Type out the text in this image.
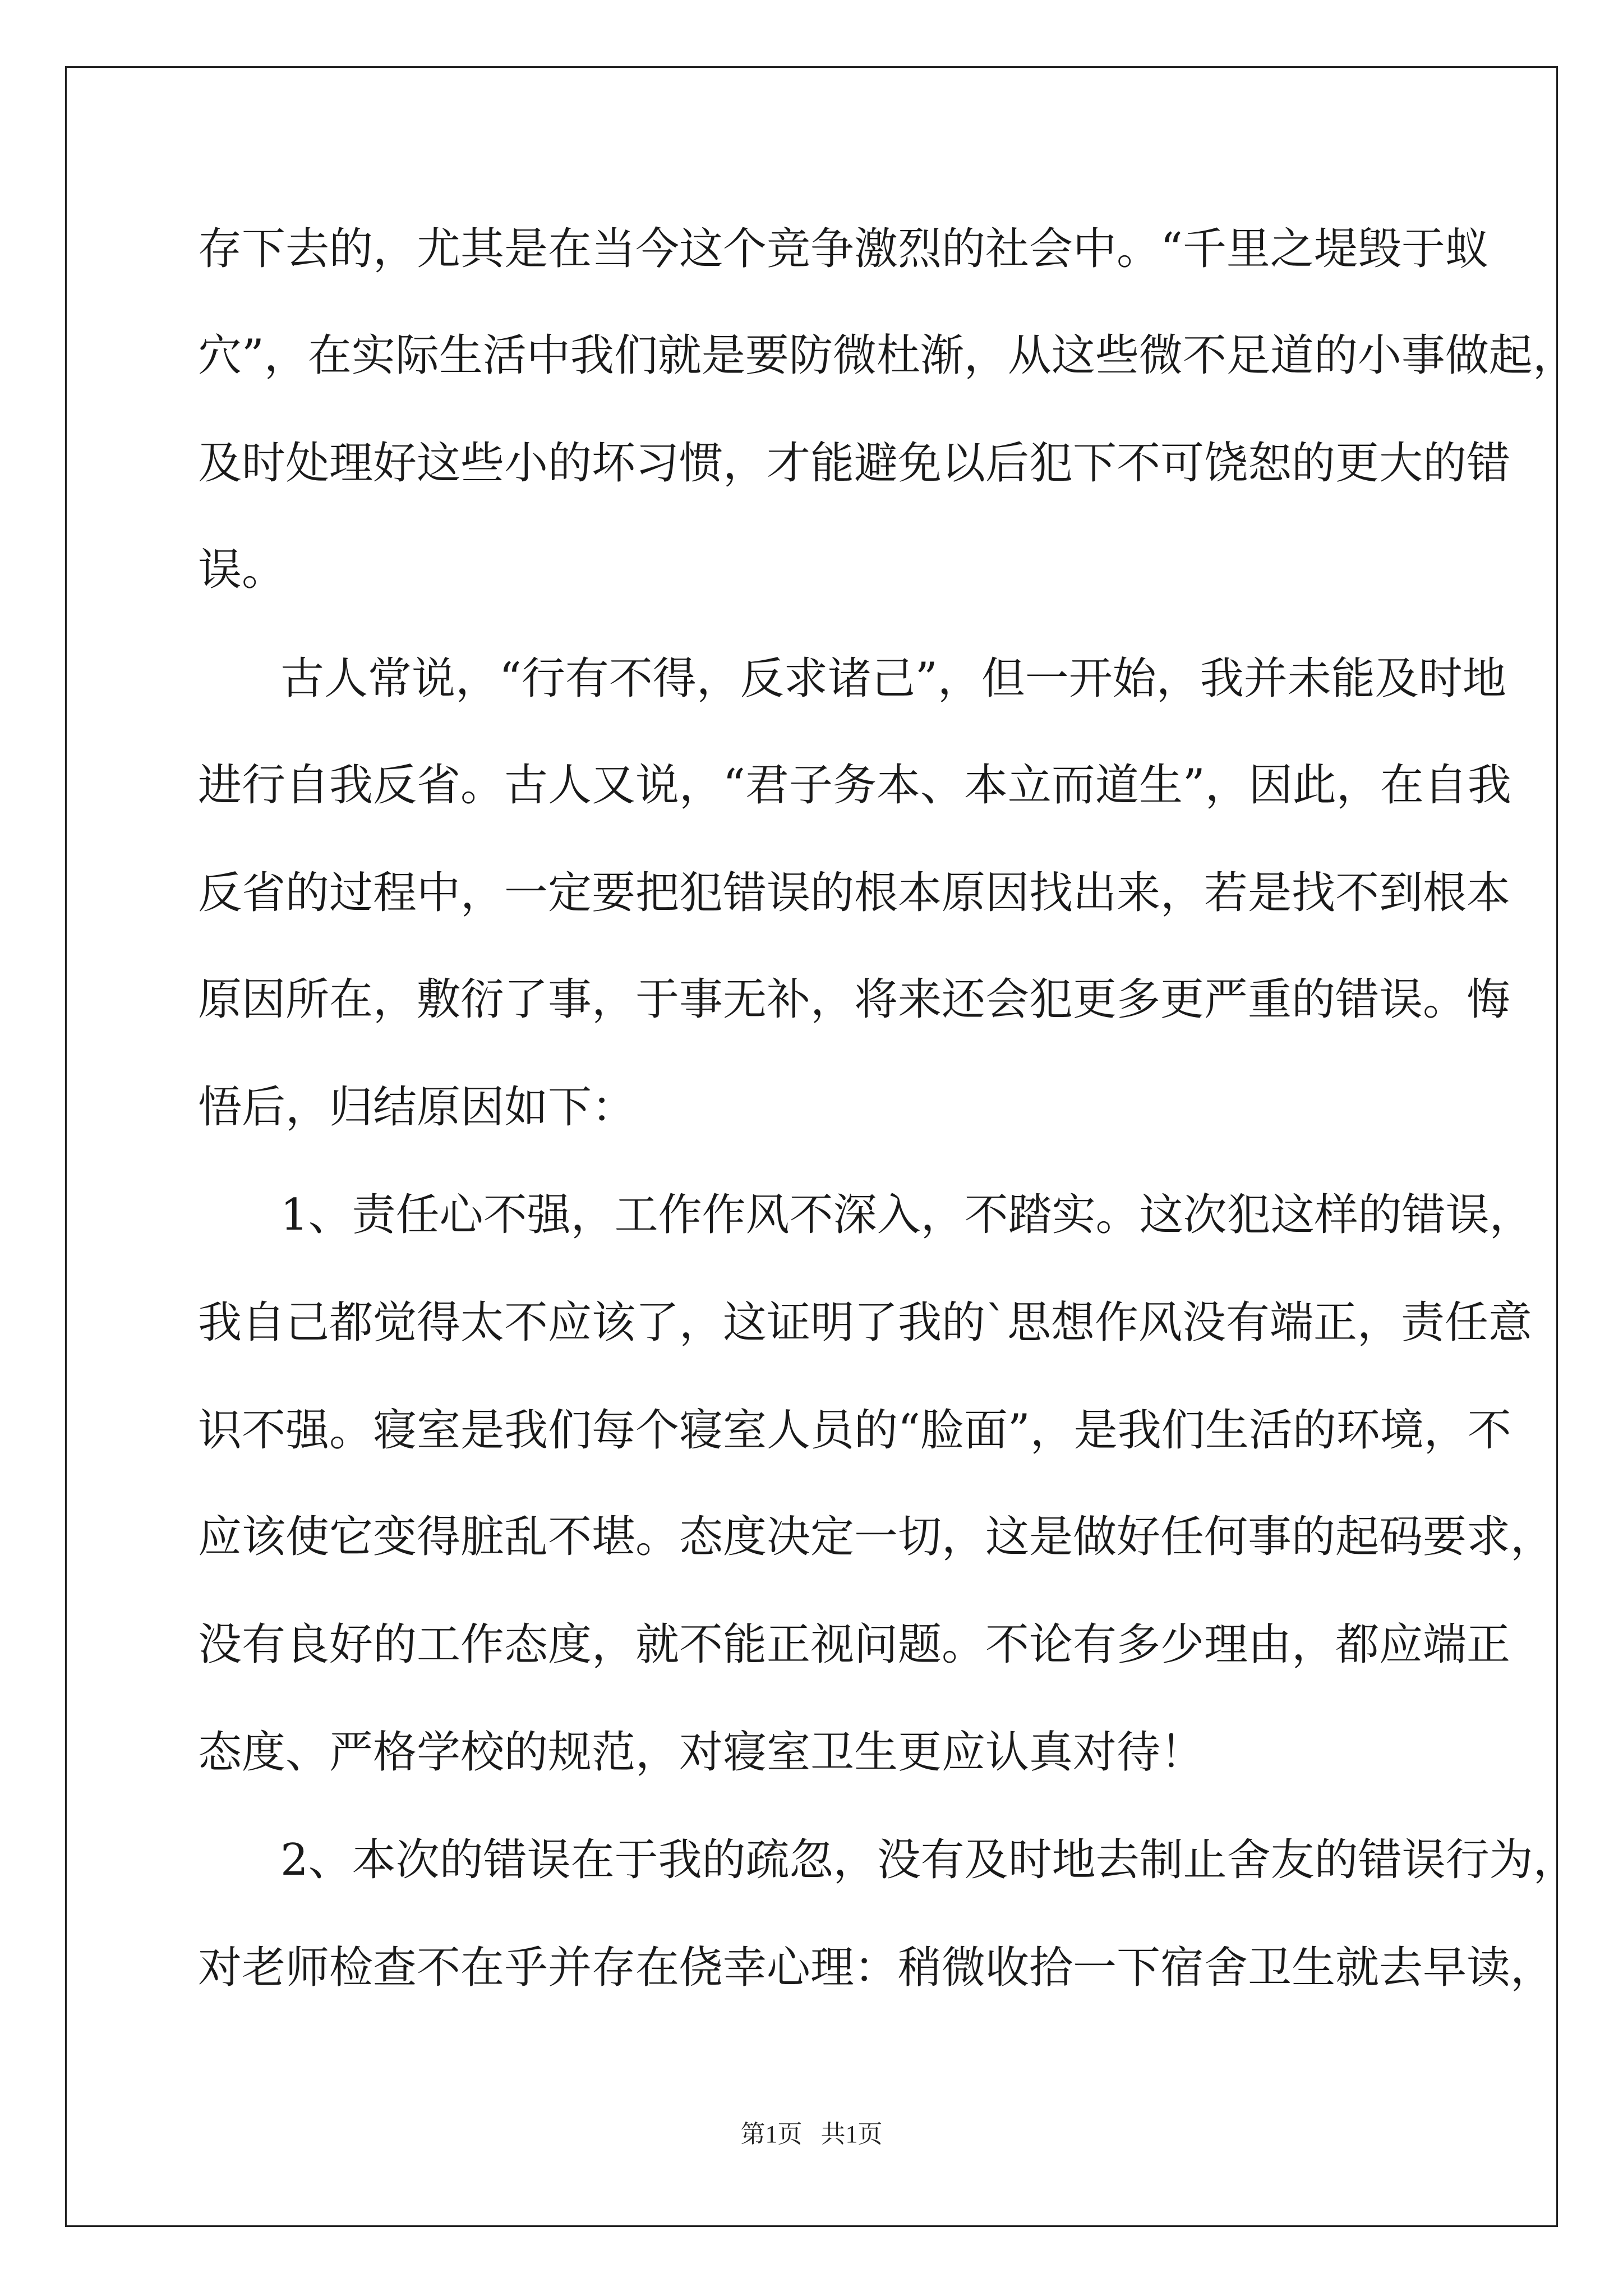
存下去的，尤其是在当今这个竞争激烈的社会中。“千里之堤毁于蚁
穴”，在实际生活中我们就是要防微杜渐，从这些微不足道的小事做起，
及时处理好这些小的坏习惯，才能避免以后犯下不可饶恕的更大的错
误。
古人常说，“行有不得，反求诸己”，但一开始，我并未能及时地
进行自我反省。古人又说，“君子务本、本立而道生”，因此，在自我
反省的过程中，一定要把犯错误的根本原因找出来，若是找不到根本
原因所在，敷衍了事，于事无补，将来还会犯更多更严重的错误。悔
悟后，归结原因如下：
1、责任心不强，工作作风不深入，不踏实。这次犯这样的错误，
我自己都觉得太不应该了，这证明了我的`思想作风没有端正，责任意
识不强。寝室是我们每个寝室人员的“脸面”，是我们生活的环境，不
应该使它变得脏乱不堪。态度决定一切，这是做好任何事的起码要求，
没有良好的工作态度，就不能正视问题。不论有多少理由，都应端正
态度、严格学校的规范，对寝室卫生更应认真对待！
2、本次的错误在于我的疏忽，没有及时地去制止舍友的错误行为，
对老师检查不在乎并存在侥幸心理：稍微收拾一下宿舍卫生就去早读，
第1页   共1页
